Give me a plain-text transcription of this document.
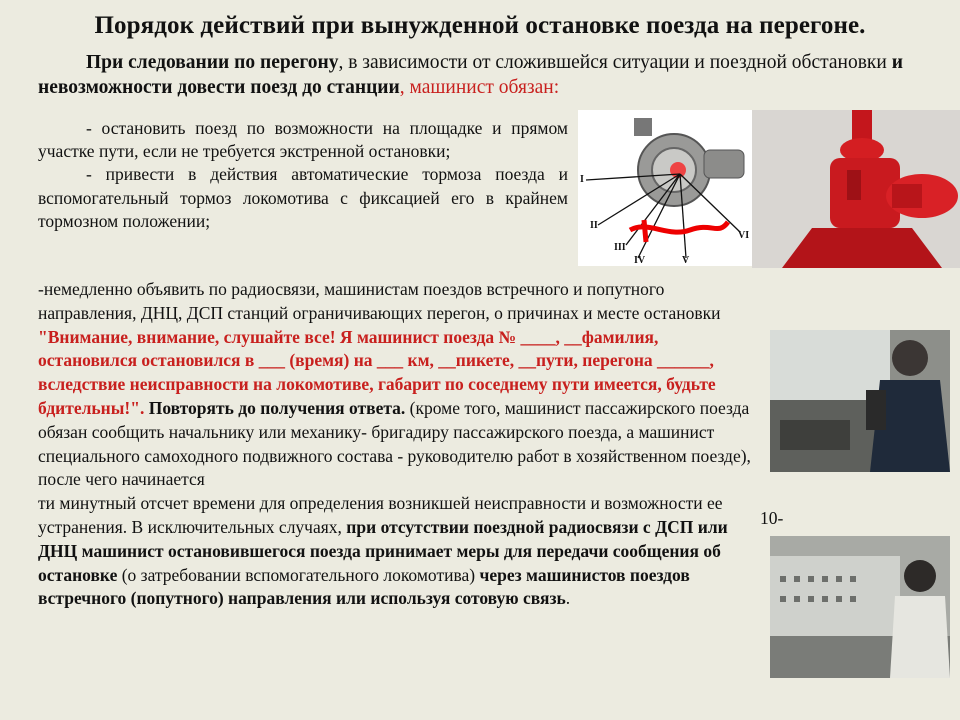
Порядок действий при вынужденной остановке поезда на перегоне.
При следовании по перегону, в зависимости от сложившейся ситуации и поездной обстановки и невозможности довести поезд до станции, машинист обязан:

- остановить поезд по возможности на площадке и прямом участке пути, если не требуется экстренной остановки;

- привести в действия автоматические тормоза поезда и вспомогательный тормоз локомотива с фиксацией его в крайнем тормозном положении;

-немедленно объявить по радиосвязи, машинистам поездов встречного и попутного направления, ДНЦ, ДСП станций ограничивающих перегон, о причинах и месте остановки "Внимание, внимание, слушайте все! Я машинист поезда № ____, __фамилия, остановился остановился в ___ (время) на ___ км, __пикете, __пути, перегона ______, вследствие неисправности на локомотиве, габарит по соседнему пути имеется, будьте бдительны!". Повторять до получения ответа. (кроме того, машинист пассажирского поезда обязан сообщить начальнику или механику- бригадиру пассажирского поезда, а машинист специального самоходного подвижного состава - руководителю работ в хозяйственном поезде), после чего начинается
ти минутный отсчет времени для определения возникшей неисправности и возможности ее устранения. В исключительных случаях, при отсутствии поездной радиосвязи с ДСП или ДНЦ машинист остановившегося поезда принимает меры для передачи сообщения об остановке (о затребовании вспомогательного локомотива) через машинистов поездов встречного (попутного) направления или используя сотовую связь.

10-
I
II
III
IV	V
VI
